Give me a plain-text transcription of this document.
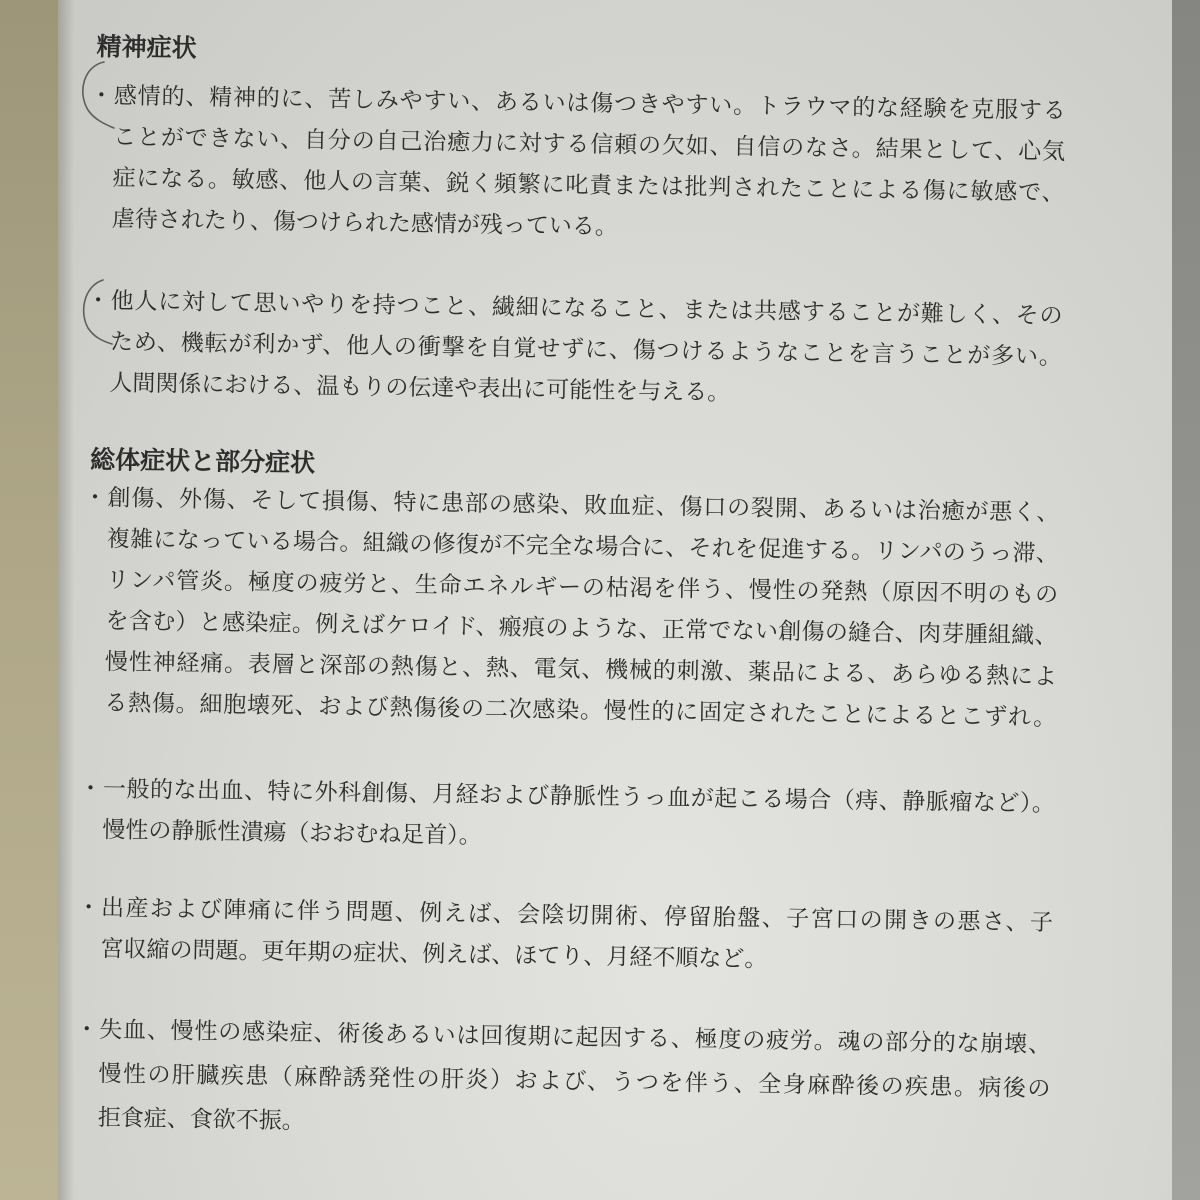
精神症状
・ 感情的、精神的に、苦しみやすい、あるいは傷つきやすい。トラウマ的な経験を克服する
ことができない、自分の自己治癒力に対する信頼の欠如、自信のなさ。結果として、心気
症になる。敏感、他人の言葉、鋭く頻繁に叱責または批判されたことによる傷に敏感で、
虐待されたり、傷つけられた感情が残っている。
・ 他人に対して思いやりを持つこと、繊細になること、または共感することが難しく、その
ため、機転が利かず、他人の衝撃を自覚せずに、傷つけるようなことを言うことが多い。
人間関係における、温もりの伝達や表出に可能性を与える。
総体症状と部分症状
・ 創傷、外傷、そして損傷、特に患部の感染、敗血症、傷口の裂開、あるいは治癒が悪く、
複雑になっている場合。組織の修復が不完全な場合に、それを促進する。リンパのうっ滞、
リンパ管炎。極度の疲労と、生命エネルギーの枯渇を伴う、慢性の発熱（原因不明のもの
を含む）と感染症。例えばケロイド、瘢痕のような、正常でない創傷の縫合、肉芽腫組織、
慢性神経痛。表層と深部の熱傷と、熱、電気、機械的刺激、薬品による、あらゆる熱によ
る熱傷。細胞壊死、および熱傷後の二次感染。慢性的に固定されたことによるとこずれ。
・ 一般的な出血、特に外科創傷、月経および静脈性うっ血が起こる場合（痔、静脈瘤など）。
慢性の静脈性潰瘍（おおむね足首）。
・ 出産および陣痛に伴う問題、例えば、会陰切開術、停留胎盤、子宮口の開きの悪さ、子
宮収縮の問題。更年期の症状、例えば、ほてり、月経不順など。
・ 失血、慢性の感染症、術後あるいは回復期に起因する、極度の疲労。魂の部分的な崩壊、
慢性の肝臓疾患（麻酔誘発性の肝炎）および、うつを伴う、全身麻酔後の疾患。病後の
拒食症、食欲不振。
